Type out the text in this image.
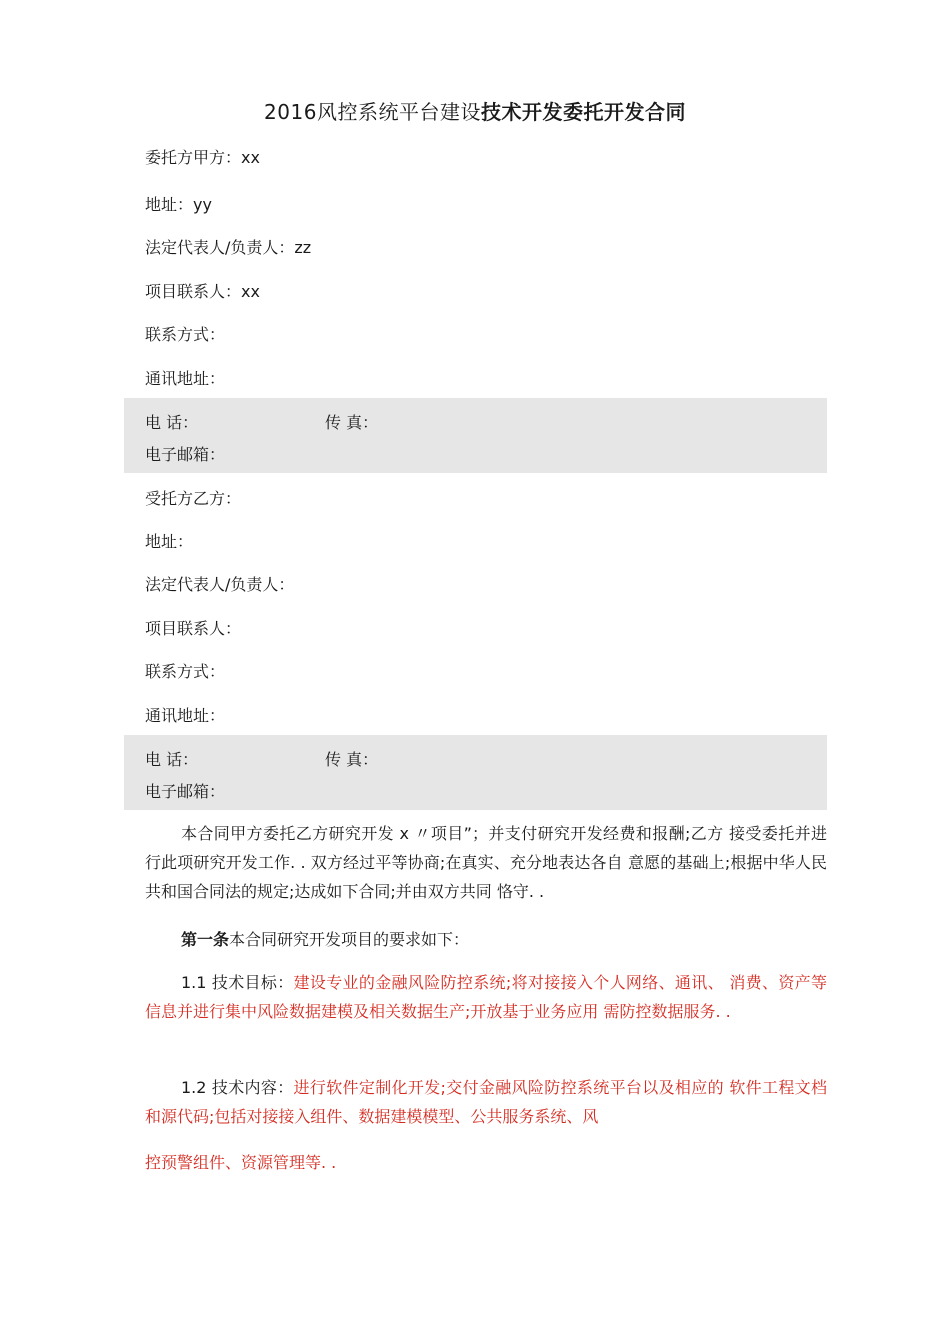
2016风控系统平台建设技术开发委托开发合同
委托方甲方：xx
地址：yy
法定代表人/负责人：zz
项目联系人：xx
联系方式：
通讯地址：
电 话：	传 真：
电子邮箱：
受托方乙方：
地址：
法定代表人/负责人：
项目联系人：
联系方式：
通讯地址：
电 话：	传 真：
电子邮箱：
本合同甲方委托乙方研究开发 x 〃项目”；并支付研究开发经费和报酬;乙方 接受委托并进行此项研究开发工作. . 双方经过平等协商;在真实、充分地表达各自 意愿的基础上;根据中华人民共和国合同法的规定;达成如下合同;并由双方共同 恪守. .
第一条本合同研究开发项目的要求如下：
1.1 技术目标：建设专业的金融风险防控系统;将对接接入个人网络、通讯、 消费、资产等信息并进行集中风险数据建模及相关数据生产;开放基于业务应用 需防控数据服务. .
1.2 技术内容：进行软件定制化开发;交付金融风险防控系统平台以及相应的 软件工程文档和源代码;包括对接接入组件、数据建模模型、公共服务系统、风
控预警组件、资源管理等. .
